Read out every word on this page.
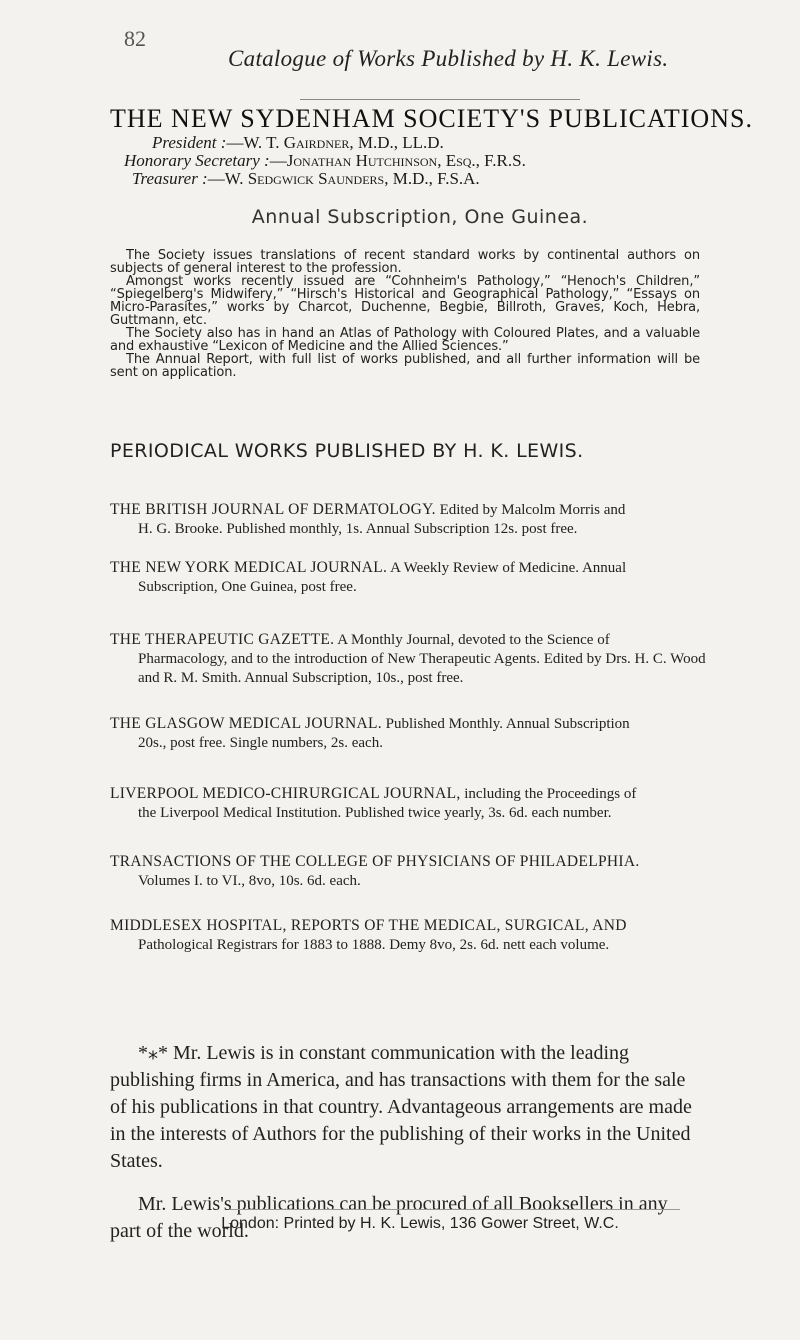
82
Catalogue of Works Published by H. K. Lewis.
THE NEW SYDENHAM SOCIETY'S PUBLICATIONS.
President :—W. T. Gairdner, M.D., LL.D.
Honorary Secretary :—Jonathan Hutchinson, Esq., F.R.S.
Treasurer :—W. Sedgwick Saunders, M.D., F.S.A.
Annual Subscription, One Guinea.

The Society issues translations of recent standard works by continental authors on subjects of general interest to the profession.

Amongst works recently issued are “Cohnheim's Pathology,” “Henoch's Children,” “Spiegelberg's Midwifery,” “Hirsch's Historical and Geographical Pathology,” “Essays on Micro-Parasites,” works by Charcot, Duchenne, Begbie, Billroth, Graves, Koch, Hebra, Guttmann, etc.

The Society also has in hand an Atlas of Pathology with Coloured Plates, and a valuable and exhaustive “Lexicon of Medicine and the Allied Sciences.”

The Annual Report, with full list of works published, and all further information will be sent on application.

PERIODICAL WORKS PUBLISHED BY H. K. LEWIS.
THE BRITISH JOURNAL OF DERMATOLOGY. Edited by Malcolm Morris and
H. G. Brooke. Published monthly, 1s. Annual Subscription 12s. post free.
THE NEW YORK MEDICAL JOURNAL. A Weekly Review of Medicine. Annual
Subscription, One Guinea, post free.
THE THERAPEUTIC GAZETTE. A Monthly Journal, devoted to the Science of
Pharmacology, and to the introduction of New Therapeutic Agents. Edited by Drs. H. C. Wood and R. M. Smith. Annual Subscription, 10s., post free.
THE GLASGOW MEDICAL JOURNAL. Published Monthly. Annual Subscription
20s., post free. Single numbers, 2s. each.
LIVERPOOL MEDICO-CHIRURGICAL JOURNAL, including the Proceedings of
the Liverpool Medical Institution. Published twice yearly, 3s. 6d. each number.
TRANSACTIONS OF THE COLLEGE OF PHYSICIANS OF PHILADELPHIA.
Volumes I. to VI., 8vo, 10s. 6d. each.
MIDDLESEX HOSPITAL, REPORTS OF THE MEDICAL, SURGICAL, AND
Pathological Registrars for 1883 to 1888. Demy 8vo, 2s. 6d. nett each volume.

*⁎* Mr. Lewis is in constant communication with the leading publishing firms in America, and has transactions with them for the sale of his publications in that country. Advantageous arrangements are made in the interests of Authors for the publishing of their works in the United States.

Mr. Lewis's publications can be procured of all Booksellers in any part of the world.

London: Printed by H. K. Lewis, 136 Gower Street, W.C.
